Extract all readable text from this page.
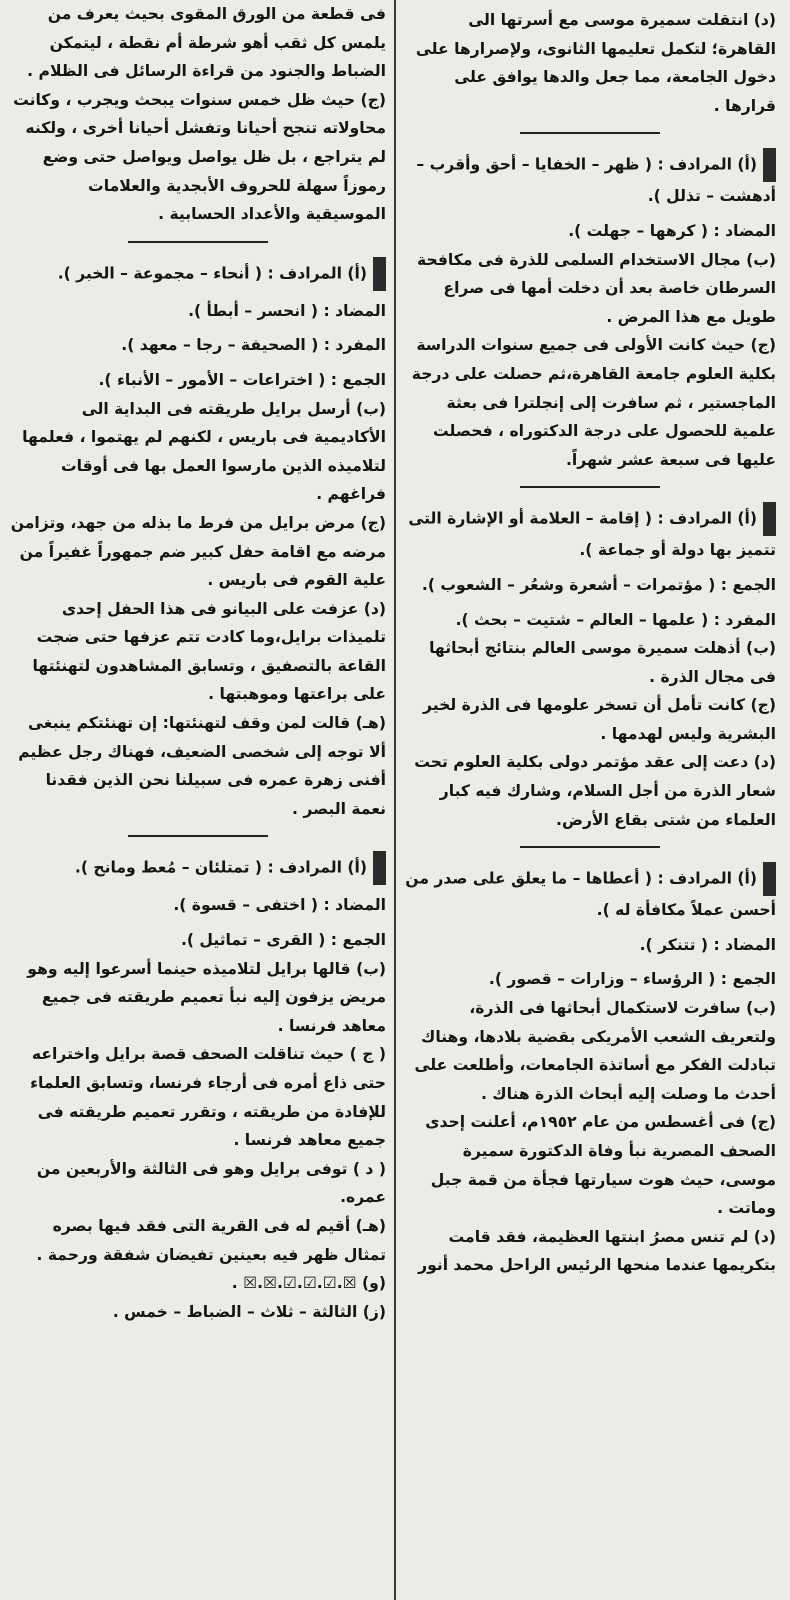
(د) انتقلت سميرة موسى مع أسرتها الى القاهرة؛ لتكمل تعليمها الثانوى، ولإصرارها على دخول الجامعة، مما جعل والدها يوافق على قرارها .

(أ) المرادف : ( ظهر – الخفايا – أحق وأقرب – أدهشت – تذلل ).

المضاد : ( كرهها – جهلت ).

(ب) مجال الاستخدام السلمى للذرة فى مكافحة السرطان خاصة بعد أن دخلت أمها فى صراع طويل مع هذا المرض .

(ج) حيث كانت الأولى فى جميع سنوات الدراسة بكلية العلوم جامعة القاهرة،ثم حصلت على درجة الماجستير ، ثم سافرت إلى إنجلترا فى بعثة علمية للحصول على درجة الدكتوراه ، فحصلت عليها فى سبعة عشر شهراً.

(أ) المرادف : ( إقامة – العلامة أو الإشارة التى تتميز بها دولة أو جماعة ).

الجمع : ( مؤتمرات – أشعرة وشعُر – الشعوب ).

المفرد : ( علمها – العالم – شتيت – بحث ).

(ب) أذهلت سميرة موسى العالم بنتائج أبحاثها فى مجال الذرة .

(ج) كانت تأمل أن تسخر علومها فى الذرة لخير البشرية وليس لهدمها .

(د) دعت إلى عقد مؤتمر دولى بكلية العلوم تحت شعار الذرة من أجل السلام، وشارك فيه كبار العلماء من شتى بقاع الأرض.

(أ) المرادف : ( أعطاها – ما يعلق على صدر من أحسن عملاً مكافأة له ).

المضاد : ( تتنكر ).

الجمع : ( الرؤساء – وزارات – قصور ).

(ب) سافرت لاستكمال أبحاثها فى الذرة، ولتعريف الشعب الأمريكى بقضية بلادها، وهناك تبادلت الفكر مع أساتذة الجامعات، وأطلعت على أحدث ما وصلت إليه أبحاث الذرة هناك .

(ج) فى أغسطس من عام ١٩٥٢م، أعلنت إحدى الصحف المصرية نبأ وفاة الدكتورة سميرة موسى، حيث هوت سيارتها فجأة من قمة جبل وماتت .

(د) لم تنس مصرُ ابنتها العظيمة، فقد قامت بتكريمها عندما منحها الرئيس الراحل محمد أنور

فى قطعة من الورق المقوى بحيث يعرف من يلمس كل ثقب أهو شرطة أم نقطة ، ليتمكن الضباط والجنود من قراءة الرسائل فى الظلام .

(ج) حيث ظل خمس سنوات يبحث ويجرب ، وكانت محاولاته تنجح أحيانا وتفشل أحيانا أخرى ، ولكنه لم يتراجع ، بل ظل يواصل ويواصل حتى وضع رموزاً سهلة للحروف الأبجدية والعلامات الموسيقية والأعداد الحسابية .

(أ) المرادف : ( أنحاء – مجموعة – الخبر ).

المضاد : ( انحسر – أبطأ ).

المفرد : ( الصحيفة – رجا – معهد ).

الجمع : ( اختراعات – الأمور – الأنباء ).

(ب) أرسل برايل طريقته فى البداية الى الأكاديمية فى باريس ، لكنهم لم يهتموا ، فعلمها لتلاميذه الذين مارسوا العمل بها فى أوقات فراغهم .

(ج) مرض برايل من فرط ما بذله من جهد، وتزامن مرضه مع اقامة حفل كبير ضم جمهوراً غفيراً من علية القوم فى باريس .

(د) عزفت على البيانو فى هذا الحفل إحدى تلميذات برايل،وما كادت تتم عزفها حتى ضجت القاعة بالتصفيق ، وتسابق المشاهدون لتهنئتها على براعتها وموهبتها .

(هـ) قالت لمن وقف لتهنئتها: إن تهنئتكم ينبغى ألا توجه إلى شخصى الضعيف، فهناك رجل عظيم أفنى زهرة عمره فى سبيلنا نحن الذين فقدنا نعمة البصر .

(أ) المرادف : ( تمتلئان – مُعط ومانح ).

المضاد : ( اختفى – قسوة ).

الجمع : ( القرى – تماثيل ).

(ب) قالها برايل لتلاميذه حينما أسرعوا إليه وهو مريض يزفون إليه نبأ تعميم طريقته فى جميع معاهد فرنسا .

( ج ) حيث تناقلت الصحف قصة برايل واختراعه حتى ذاع أمره فى أرجاء فرنسا، وتسابق العلماء للإفادة من طريقته ، وتقرر تعميم طريقته فى جميع معاهد فرنسا .

( د ) توفى برايل وهو فى الثالثة والأربعين من عمره.

(هـ) أقيم له فى القرية التى فقد فيها بصره تمثال ظهر فيه بعينين تفيضان شفقة ورحمة .

(و) ☒.☑.☑.☑.☒.☒ .

(ز) الثالثة – ثلاث – الضباط – خمس .
